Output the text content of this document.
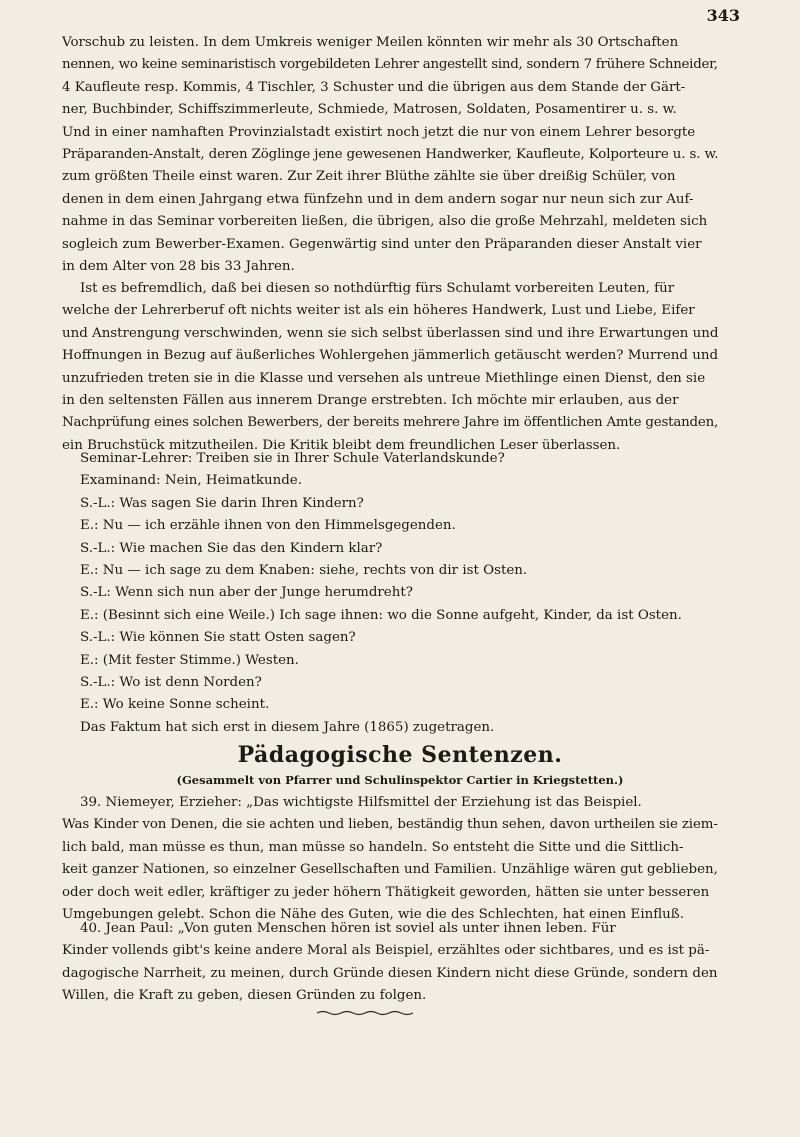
343
Vorschub zu leisten. In dem Umkreis weniger Meilen könnten wir mehr als 30 Ortschaften
nennen, wo keine seminaristisch vorgebildeten Lehrer angestellt sind, sondern 7 frühere Schneider,
4 Kaufleute resp. Kommis, 4 Tischler, 3 Schuster und die übrigen aus dem Stande der Gärt-
ner, Buchbinder, Schiffszimmerleute, Schmiede, Matrosen, Soldaten, Posamentirer u. s. w.
Und in einer namhaften Provinzialstadt existirt noch jetzt die nur von einem Lehrer besorgte
Präparanden-Anstalt, deren Zöglinge jene gewesenen Handwerker, Kaufleute, Kolporteure u. s. w.
zum größten Theile einst waren. Zur Zeit ihrer Blüthe zählte sie über dreißig Schüler, von
denen in dem einen Jahrgang etwa fünfzehn und in dem andern sogar nur neun sich zur Auf-
nahme in das Seminar vorbereiten ließen, die übrigen, also die große Mehrzahl, meldeten sich
sogleich zum Bewerber-Examen. Gegenwärtig sind unter den Präparanden dieser Anstalt vier
in dem Alter von 28 bis 33 Jahren.
Ist es befremdlich, daß bei diesen so nothdürftig fürs Schulamt vorbereiten Leuten, für
welche der Lehrerberuf oft nichts weiter ist als ein höheres Handwerk, Lust und Liebe, Eifer
und Anstrengung verschwinden, wenn sie sich selbst überlassen sind und ihre Erwartungen und
Hoffnungen in Bezug auf äußerliches Wohlergehen jämmerlich getäuscht werden? Murrend und
unzufrieden treten sie in die Klasse und versehen als untreue Miethlinge einen Dienst, den sie
in den seltensten Fällen aus innerem Drange erstrebten. Ich möchte mir erlauben, aus der
Nachprüfung eines solchen Bewerbers, der bereits mehrere Jahre im öffentlichen Amte gestanden,
ein Bruchstück mitzutheilen. Die Kritik bleibt dem freundlichen Leser überlassen.
Seminar-Lehrer: Treiben sie in Ihrer Schule Vaterlandskunde?
Examinand: Nein, Heimatkunde.
S.-L.: Was sagen Sie darin Ihren Kindern?
E.: Nu — ich erzähle ihnen von den Himmelsgegenden.
S.-L.: Wie machen Sie das den Kindern klar?
E.: Nu — ich sage zu dem Knaben: siehe, rechts von dir ist Osten.
S.-L: Wenn sich nun aber der Junge herumdreht?
E.: (Besinnt sich eine Weile.) Ich sage ihnen: wo die Sonne aufgeht, Kinder, da ist Osten.
S.-L.: Wie können Sie statt Osten sagen?
E.: (Mit fester Stimme.) Westen.
S.-L.: Wo ist denn Norden?
E.: Wo keine Sonne scheint.
Das Faktum hat sich erst in diesem Jahre (1865) zugetragen.
Pädagogische Sentenzen.
(Gesammelt von Pfarrer und Schulinspektor Cartier in Kriegstetten.)
39. Niemeyer, Erzieher: „Das wichtigste Hilfsmittel der Erziehung ist das Beispiel.
Was Kinder von Denen, die sie achten und lieben, beständig thun sehen, davon urtheilen sie ziem-
lich bald, man müsse es thun, man müsse so handeln. So entsteht die Sitte und die Sittlich-
keit ganzer Nationen, so einzelner Gesellschaften und Familien. Unzählige wären gut geblieben,
oder doch weit edler, kräftiger zu jeder höhern Thätigkeit geworden, hätten sie unter besseren
Umgebungen gelebt. Schon die Nähe des Guten, wie die des Schlechten, hat einen Einfluß.
40. Jean Paul: „Von guten Menschen hören ist soviel als unter ihnen leben. Für
Kinder vollends gibt's keine andere Moral als Beispiel, erzähltes oder sichtbares, und es ist pä-
dagogische Narrheit, zu meinen, durch Gründe diesen Kindern nicht diese Gründe, sondern den
Willen, die Kraft zu geben, diesen Gründen zu folgen.
